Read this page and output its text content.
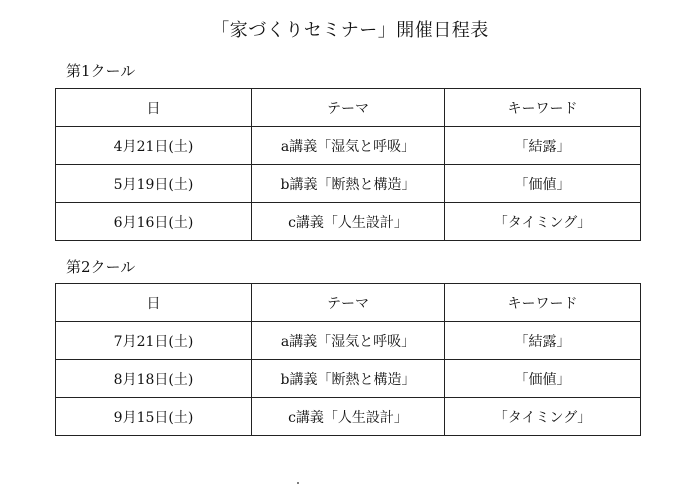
「家づくりセミナー」開催日程表
第1クール
日	テーマ	キーワード
4月21日(土)	a講義「湿気と呼吸」	「結露」
5月19日(土)	b講義「断熱と構造」	「価値」
6月16日(土)	c講義「人生設計」	「タイミング」
第2クール
日	テーマ	キーワード
7月21日(土)	a講義「湿気と呼吸」	「結露」
8月18日(土)	b講義「断熱と構造」	「価値」
9月15日(土)	c講義「人生設計」	「タイミング」
